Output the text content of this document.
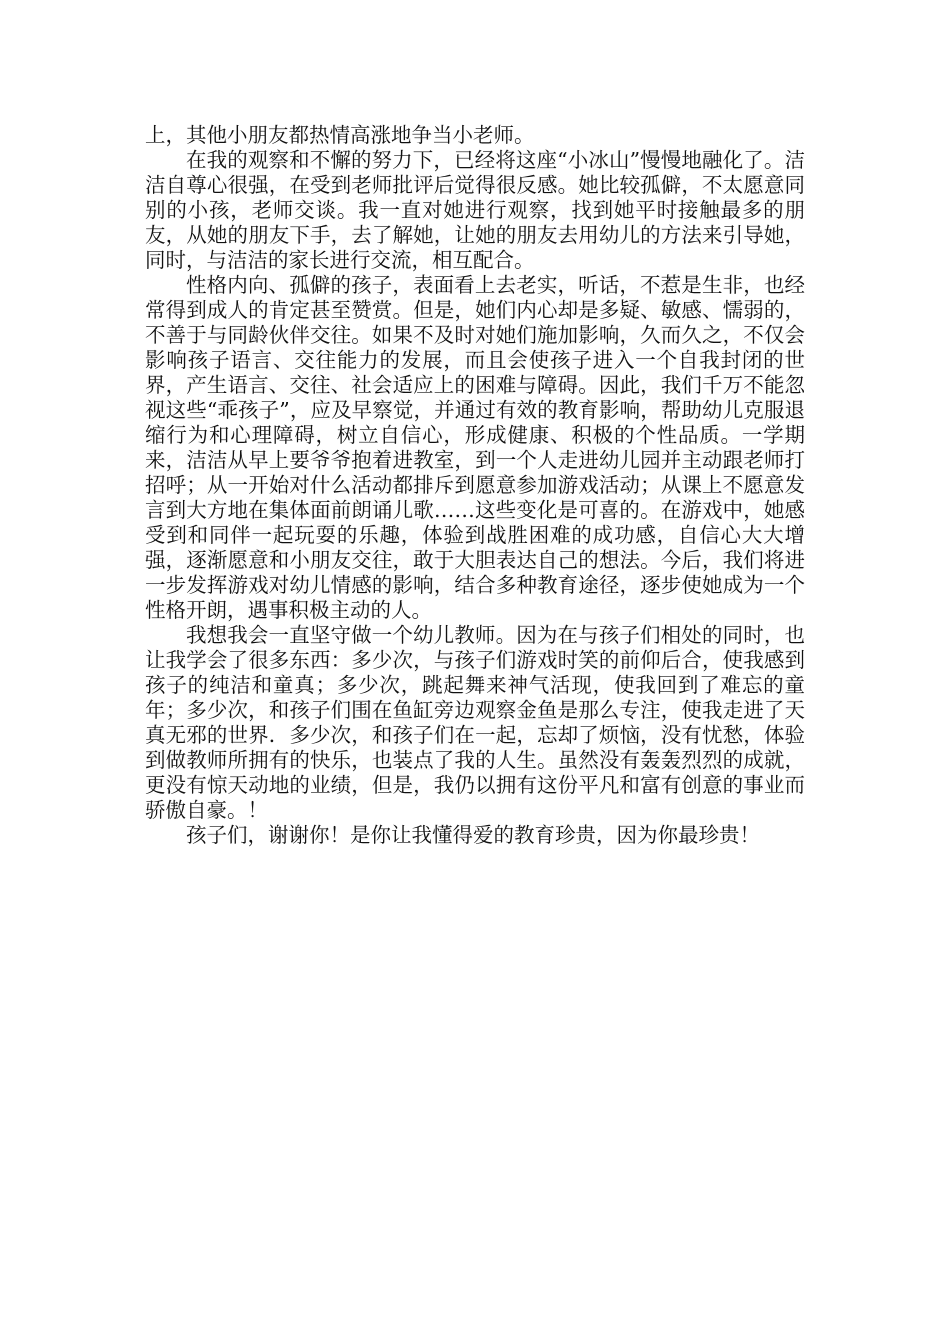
上，其他小朋友都热情高涨地争当小老师。

在我的观察和不懈的努力下，已经将这座“小冰山”慢慢地融化了。洁洁自尊心很强，在受到老师批评后觉得很反感。她比较孤僻，不太愿意同别的小孩，老师交谈。我一直对她进行观察，找到她平时接触最多的朋友，从她的朋友下手，去了解她，让她的朋友去用幼儿的方法来引导她，同时，与洁洁的家长进行交流，相互配合。

性格内向、孤僻的孩子，表面看上去老实，听话，不惹是生非，也经常得到成人的肯定甚至赞赏。但是，她们内心却是多疑、敏感、懦弱的，不善于与同龄伙伴交往。如果不及时对她们施加影响，久而久之，不仅会影响孩子语言、交往能力的发展，而且会使孩子进入一个自我封闭的世界，产生语言、交往、社会适应上的困难与障碍。因此，我们千万不能忽视这些“乖孩子”，应及早察觉，并通过有效的教育影响，帮助幼儿克服退缩行为和心理障碍，树立自信心，形成健康、积极的个性品质。一学期来，洁洁从早上要爷爷抱着进教室，到一个人走进幼儿园并主动跟老师打招呼；从一开始对什么活动都排斥到愿意参加游戏活动；从课上不愿意发言到大方地在集体面前朗诵儿歌……这些变化是可喜的。在游戏中，她感受到和同伴一起玩耍的乐趣，体验到战胜困难的成功感，自信心大大增强，逐渐愿意和小朋友交往，敢于大胆表达自己的想法。今后，我们将进一步发挥游戏对幼儿情感的影响，结合多种教育途径，逐步使她成为一个性格开朗，遇事积极主动的人。

我想我会一直坚守做一个幼儿教师。因为在与孩子们相处的同时，也让我学会了很多东西：多少次，与孩子们游戏时笑的前仰后合，使我感到孩子的纯洁和童真；多少次，跳起舞来神气活现，使我回到了难忘的童年；多少次，和孩子们围在鱼缸旁边观察金鱼是那么专注，使我走进了天真无邪的世界．多少次，和孩子们在一起，忘却了烦恼，没有忧愁，体验到做教师所拥有的快乐，也装点了我的人生。虽然没有轰轰烈烈的成就，更没有惊天动地的业绩，但是，我仍以拥有这份平凡和富有创意的事业而骄傲自豪。！

孩子们，谢谢你！是你让我懂得爱的教育珍贵，因为你最珍贵！
